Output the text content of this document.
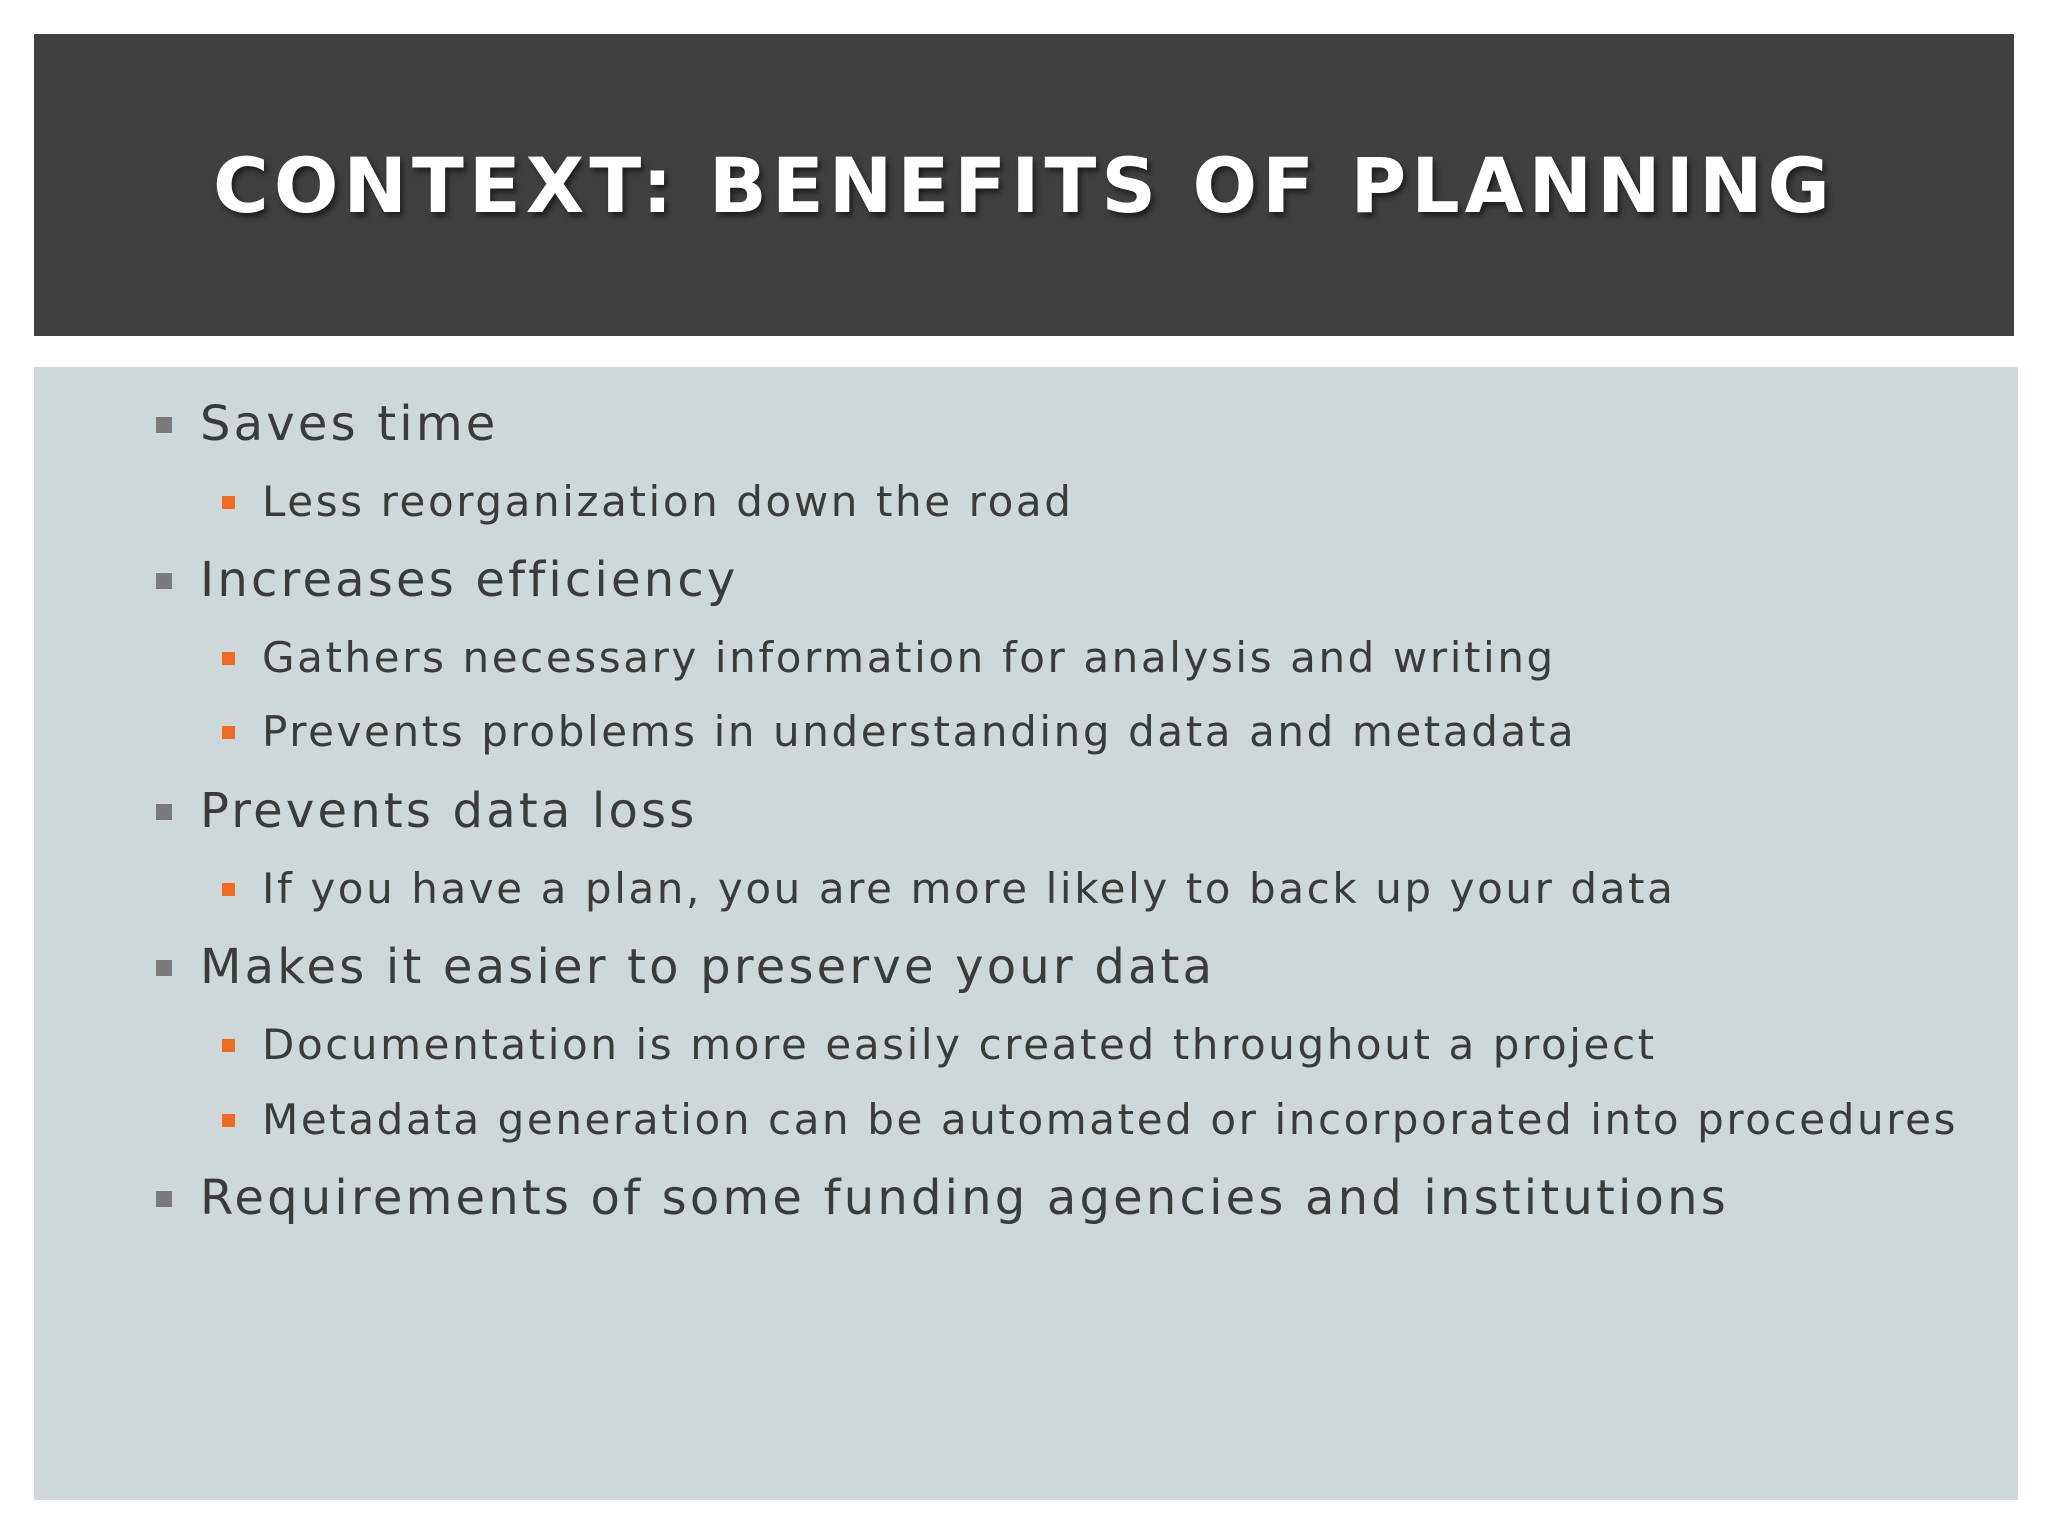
CONTEXT: BENEFITS OF PLANNING
Saves time
Less reorganization down the road
Increases efficiency
Gathers necessary information for analysis and writing
Prevents problems in understanding data and metadata
Prevents data loss
If you have a plan, you are more likely to back up your data
Makes it easier to preserve your data
Documentation is more easily created throughout a project
Metadata generation can be automated or incorporated into procedures
Requirements of some funding agencies and institutions
